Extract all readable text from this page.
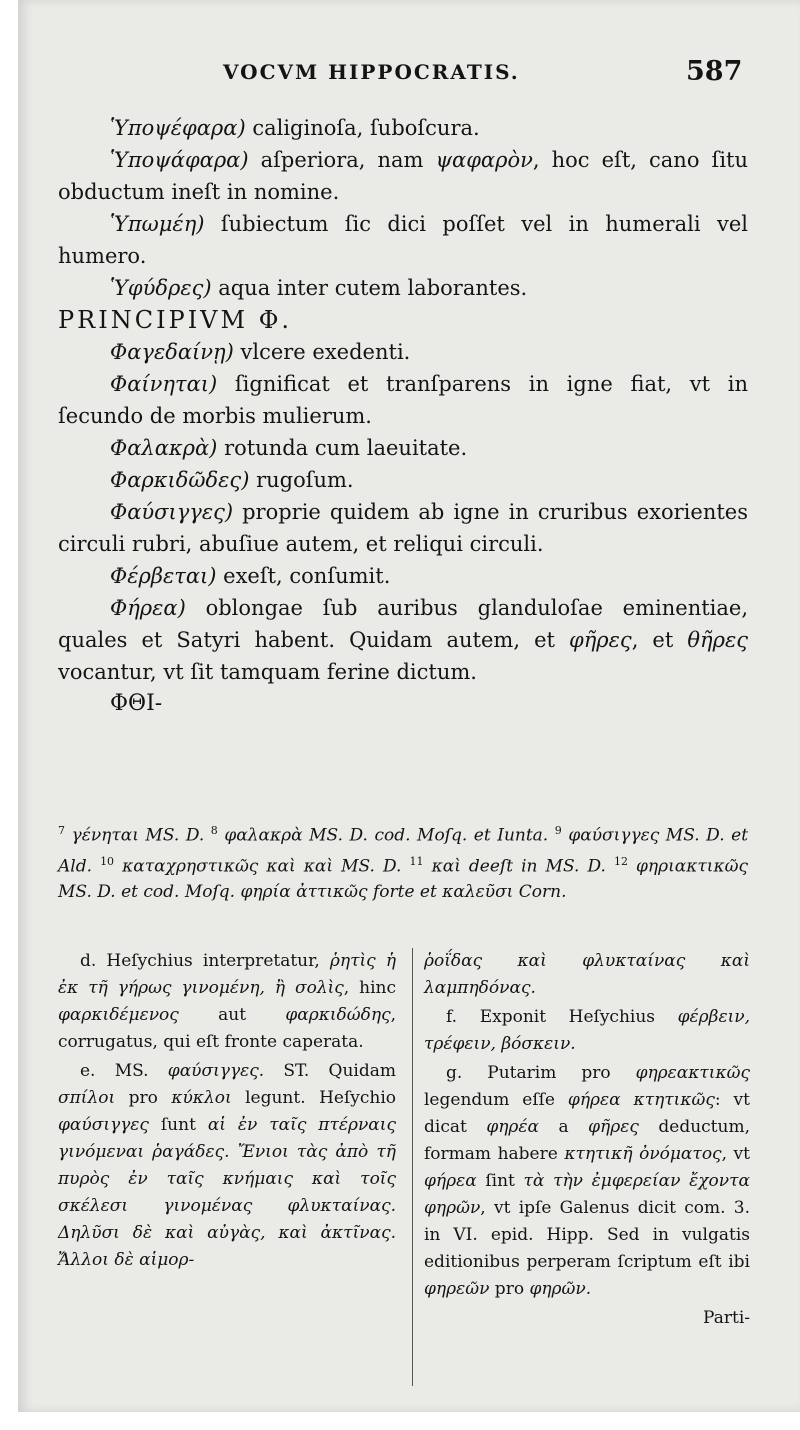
VOCVM HIPPOCRATIS.	587

Ὑποψέφαρα) caliginoſa, ſuboſcura.

Ὑποψάφαρα) aſperiora, nam ψαφαρὸν, hoc eſt, cano ſitu obductum ineſt in nomine.

Ὑπωμέη) ſubiectum ſic dici poſſet vel in humerali vel humero.

Ὑφύδρες) aqua inter cutem laborantes.

PRINCIPIVM Φ.

Φαγεδαίνῃ) vlcere exedenti.

Φαίνηται) ſignificat et tranſparens in igne fiat, vt in ſecundo de morbis mulierum.

Φαλακρὰ) rotunda cum laeuitate.

Φαρκιδῶδες) rugoſum.

Φαύσιγγες) proprie quidem ab igne in cruribus exorientes circuli rubri, abuſiue autem, et reliqui circuli.

Φέρβεται) exeſt, conſumit.

Φήρεα) oblongae ſub auribus glanduloſae eminentiae, quales et Satyri habent. Quidam autem, et φῆρες, et θῆρες vocantur, vt ſit tamquam ferine dictum.

ΦΘΙ-

$^7$ γένηται MS. D. $^8$ φαλακρὰ MS. D. cod. Moſq. et Iunta. $^9$ φαύσιγγες MS. D. et Ald. $^{10}$ καταχρηστικῶς καὶ καὶ MS. D. $^{11}$ καὶ deeſt in MS. D. $^{12}$ φηριακτικῶς MS. D. et cod. Moſq. φηρία ἀττικῶς forte et καλεῦσι Corn.

d. Heſychius interpretatur, ῥητὶς ἡ ἐκ τῆ γήρως γινομένη, ἢ σολὶς, hinc φαρκιδέμενος aut φαρκιδώδης, corrugatus, qui eſt fronte caperata.

e. MS. φαύσιγγες. ST. Quidam σπίλοι pro κύκλοι legunt. Heſychio φαύσιγγες ſunt αἱ ἐν ταῖς πτέρναις γινόμεναι ῥαγάδες. Ἔνιοι τὰς ἀπὸ τῆ πυρὸς ἐν ταῖς κνήμαις καὶ τοῖς σκέλεσι γινομένας φλυκταίνας. Δηλῦσι δὲ καὶ αὐγὰς, καὶ ἀκτῖνας. Ἄλλοι δὲ αἱμορ-

ῥοΐδας καὶ φλυκταίνας καὶ λαμπηδόνας.

f. Exponit Heſychius φέρβειν, τρέφειν, βόσκειν.

g. Putarim pro φηρεακτικῶς legendum eſſe φήρεα κτητικῶς: vt dicat φηρέα a φῆρες deductum, formam habere κτητικῆ ὀνόματος, vt φήρεα ſint τὰ τὴν ἐμφερείαν ἔχοντα φηρῶν, vt ipſe Galenus dicit com. 3. in VI. epid. Hipp. Sed in vulgatis editionibus perperam ſcriptum eſt ibi φηρεῶν pro φηρῶν.

Parti-
